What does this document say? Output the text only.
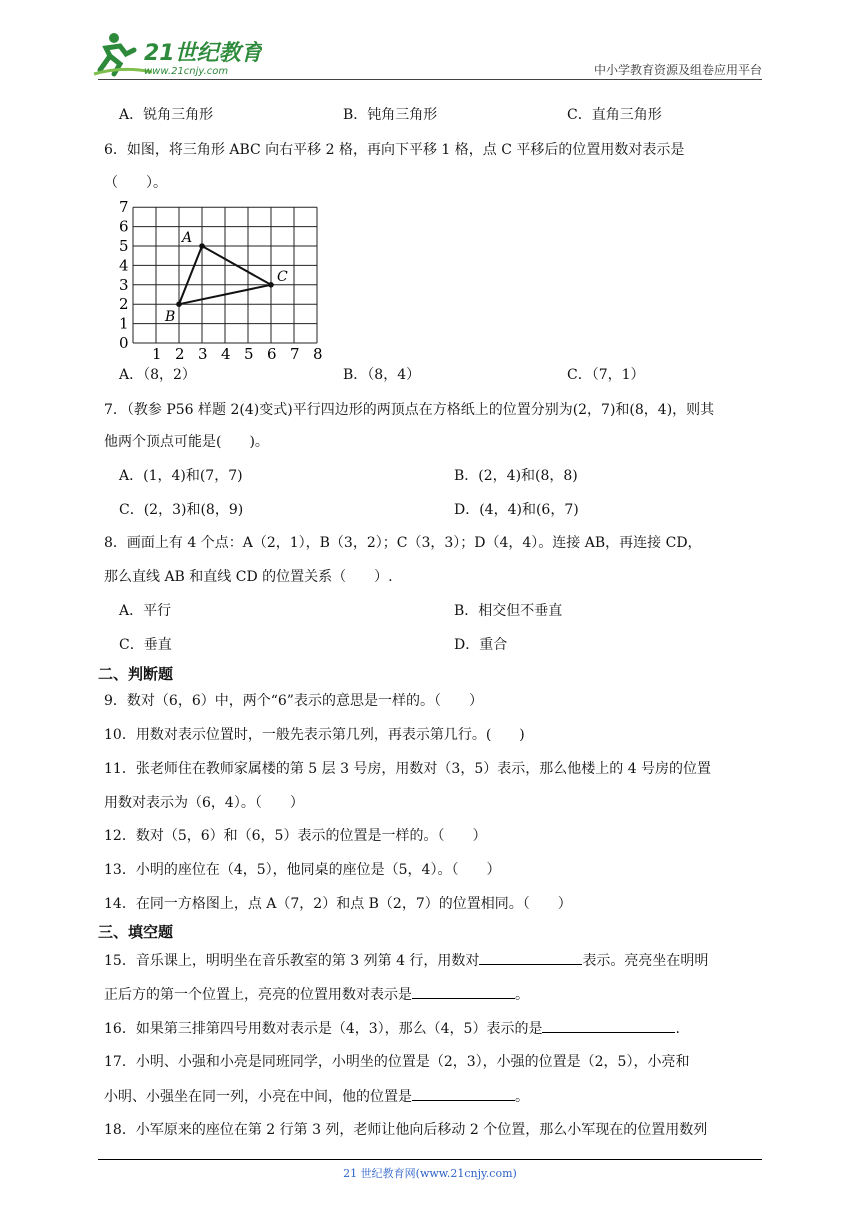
21世纪教育
www.21cnjy.com	中小学教育资源及组卷应用平台
A．锐角三角形	B．钝角三角形	C．直角三角形
6．如图，将三角形 ABC 向右平移 2 格，再向下平移 1 格，点 C 平移后的位置用数对表示是
（　　）。
7
6
5
4
3
2
1
0
1 2 3 4 5 6 7 8
A
B
C
A．（8，2）	B．（8，4）	C．（7，1）
7．（教参 P56 样题 2(4)变式)平行四边形的两顶点在方格纸上的位置分别为(2，7)和(8，4)，则其
他两个顶点可能是(　　)。
A．(1，4)和(7，7)	B．(2，4)和(8，8)
C．(2，3)和(8，9)	D．(4，4)和(6，7)
8．画面上有 4 个点：A（2，1），B（3，2）；C（3，3）；D（4，4）。连接 AB，再连接 CD，
那么直线 AB 和直线 CD 的位置关系（　　）.
A．平行	B．相交但不垂直
C．垂直	D．重合
二、判断题
9．数对（6，6）中，两个“6”表示的意思是一样的。（　　）
10．用数对表示位置时，一般先表示第几列，再表示第几行。(　　)
11．张老师住在教师家属楼的第 5 层 3 号房，用数对（3，5）表示，那么他楼上的 4 号房的位置
用数对表示为（6，4）。（　　）
12．数对（5，6）和（6，5）表示的位置是一样的。（　　）
13．小明的座位在（4，5），他同桌的座位是（5，4）。（　　）
14．在同一方格图上，点 A（7，2）和点 B（2，7）的位置相同。（　　）
三、填空题
15．音乐课上，明明坐在音乐教室的第 3 列第 4 行，用数对	表示。亮亮坐在明明
正后方的第一个位置上，亮亮的位置用数对表示是	。
16．如果第三排第四号用数对表示是（4，3），那么（4，5）表示的是	.
17．小明、小强和小亮是同班同学，小明坐的位置是（2，3），小强的位置是（2，5），小亮和
小明、小强坐在同一列，小亮在中间，他的位置是	。
18．小军原来的座位在第 2 行第 3 列，老师让他向后移动 2 个位置，那么小军现在的位置用数列
21 世纪教育网(www.21cnjy.com)
